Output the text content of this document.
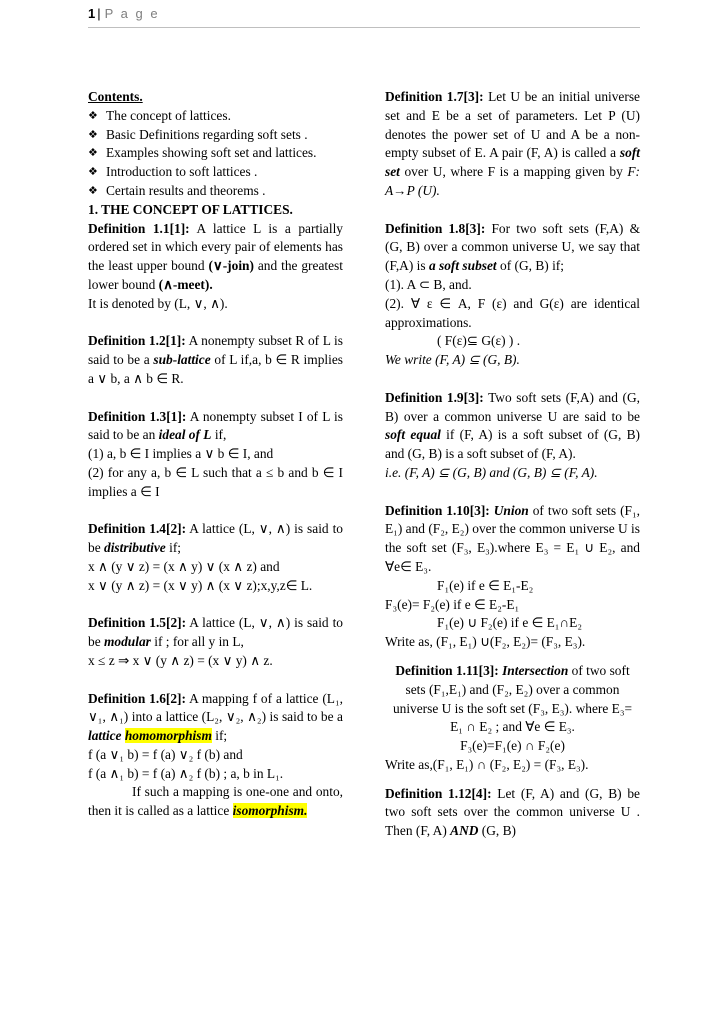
1 | P a g e

Contents.

❖ The concept of lattices.

❖ Basic Definitions regarding soft sets .

❖ Examples showing soft set and lattices.

❖ Introduction to soft lattices .

❖ Certain results and theorems .

1. THE CONCEPT OF LATTICES.

Definition 1.1[1]: A lattice L is a partially ordered set in which every pair of elements has the least upper bound (∨-join) and the greatest lower bound (∧-meet).

It is denoted by (L, ∨, ∧).

Definition 1.2[1]: A nonempty subset R of L is said to be a sub-lattice of L if,a, b ∈ R implies a ∨ b, a ∧ b ∈ R.

Definition 1.3[1]: A nonempty subset I of L is said to be an ideal of L if,

(1) a, b ∈ I implies a ∨ b ∈ I, and

(2) for any a, b ∈ L such that a ≤ b and b ∈ I implies a ∈ I

Definition 1.4[2]: A lattice (L, ∨, ∧) is said to be distributive if;

x ∧ (y ∨ z) = (x ∧ y) ∨ (x ∧ z) and

x ∨ (y ∧ z) = (x ∨ y) ∧ (x ∨ z);x,y,z∈ L.

Definition 1.5[2]: A lattice (L, ∨, ∧) is said to be modular if ; for all y in L,

x ≤ z ⇒ x ∨ (y ∧ z) = (x ∨ y) ∧ z.

Definition 1.6[2]: A mapping f of a lattice (L₁, ∨₁, ∧₁) into a lattice (L₂, ∨₂, ∧₂) is said to be a lattice homomorphism if;

f (a ∨₁ b) = f (a) ∨₂ f (b) and

f (a ∧₁ b) = f (a) ∧₂ f (b) ; a, b in L₁.

If such a mapping is one-one and onto, then it is called as a lattice isomorphism.

Definition 1.7[3]: Let U be an initial universe set and E be a set of parameters. Let P (U) denotes the power set of U and A be a non-empty subset of E. A pair (F, A) is called a soft set over U, where F is a mapping given by F: A→P (U).

Definition 1.8[3]: For two soft sets (F,A) & (G, B) over a common universe U, we say that (F,A) is a soft subset of (G, B) if;

(1). A ⊂ B, and.

(2). ∀ ε ∈ A, F (ε) and G(ε) are identical approximations.

( F(ε)⊆ G(ε) ) .

We write (F, A) ⊆ (G, B).

Definition 1.9[3]: Two soft sets (F,A) and (G, B) over a common universe U are said to be soft equal if (F, A) is a soft subset of (G, B) and (G, B) is a soft subset of (F, A).

i.e. (F, A) ⊆ (G, B) and (G, B) ⊆ (F, A).

Definition 1.10[3]: Union of two soft sets (F₁, E₁) and (F₂, E₂) over the common universe U is the soft set (F₃, E₃).where E₃ = E₁ ∪ E₂, and ∀e∈ E₃.

F₁(e) if e ∈ E₁-E₂

F₃(e)= F₂(e) if e ∈ E₂-E₁

F₁(e) ∪ F₂(e) if e ∈ E₁∩E₂

Write as, (F₁, E₁) ∪(F₂, E₂)= (F₃, E₃).

Definition 1.11[3]: Intersection of two soft sets (F₁,E₁) and (F₂, E₂) over a common universe U is the soft set (F₃, E₃). where E₃= E₁ ∩ E₂ ; and ∀e ∈ E₃.

F₃(e)=F₁(e) ∩ F₂(e)

Write as,(F₁, E₁) ∩ (F₂, E₂) = (F₃, E₃).

Definition 1.12[4]: Let (F, A) and (G, B) be two soft sets over the common universe U . Then (F, A) AND (G, B)
